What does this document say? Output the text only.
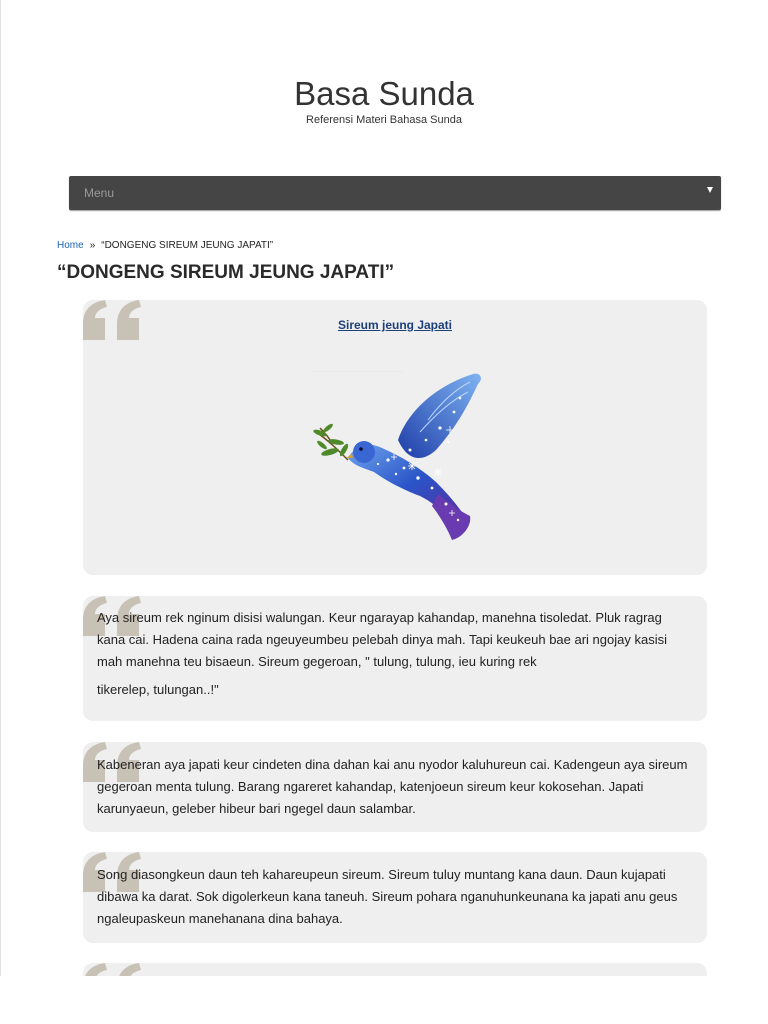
Basa Sunda
Referensi Materi Bahasa Sunda
Menu
Home » “DONGENG SIREUM JEUNG JAPATI”
“DONGENG SIREUM JEUNG JAPATI”
Sireum jeung Japati
Aya sireum rek nginum disisi walungan. Keur ngarayap kahandap, manehna tisoledat. Pluk ragrag kana cai. Hadena caina rada ngeuyeumbeu pelebah dinya mah. Tapi keukeuh bae ari ngojay kasisi mah manehna teu bisaeun. Sireum gegeroan, " tulung, tulung, ieu kuring rek
tikerelep, tulungan..!"
Kabeneran aya japati keur cindeten dina dahan kai anu nyodor kaluhureun cai. Kadengeun aya sireum gegeroan menta tulung. Barang ngareret kahandap, katenjoeun sireum keur kokosehan. Japati karunyaeun, geleber hibeur bari ngegel daun salambar.
Song diasongkeun daun teh kahareupeun sireum. Sireum tuluy muntang kana daun. Daun kujapati dibawa ka darat. Sok digolerkeun kana taneuh. Sireum pohara nganuhunkeunana ka japati anu geus ngaleupaskeun manehanana dina bahaya.
